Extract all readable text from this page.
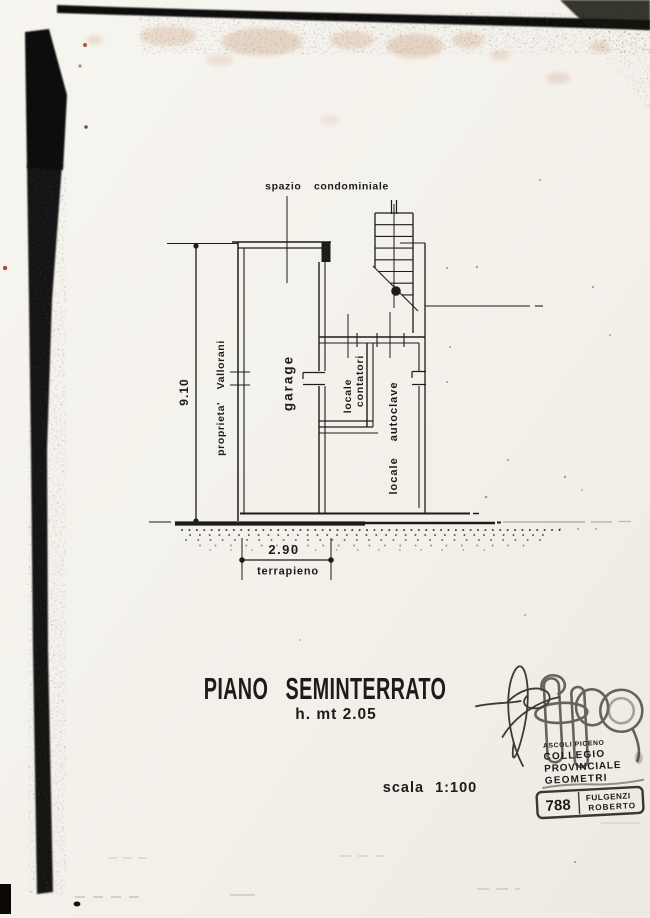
spazio condominiale
9.10 proprieta' Vallorani	garage	locale contatori
locale autoclave
2.90
terrapieno
PIANO SEMINTERRATO
h. mt 2.05
scala 1:100
ASCOLI PICENO
COLLEGIO
PROVINCIALE
GEOMETRI
788 FULGENZI
ROBERTO
